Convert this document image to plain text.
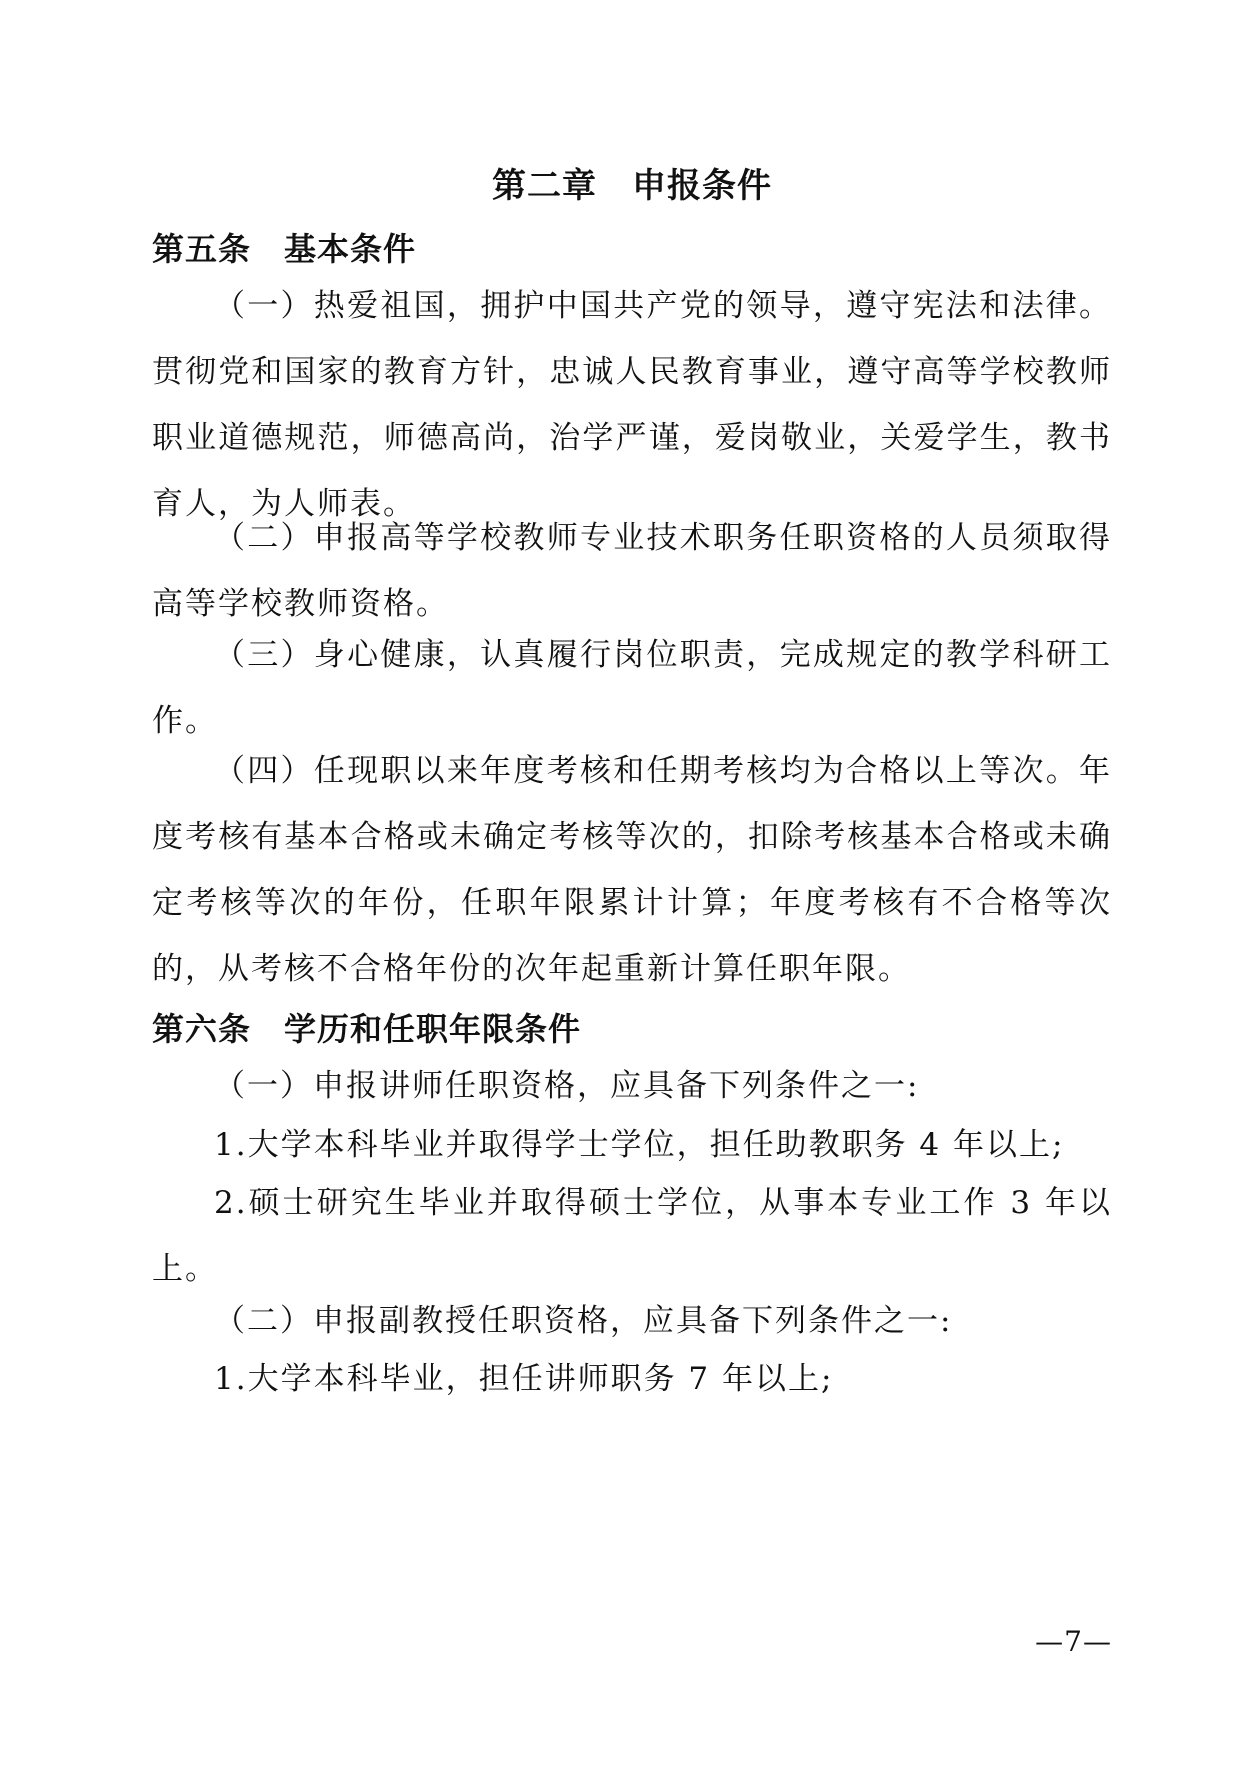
第二章　申报条件
第五条　基本条件

（一）热爱祖国，拥护中国共产党的领导，遵守宪法和法律。贯彻党和国家的教育方针，忠诚人民教育事业，遵守高等学校教师职业道德规范，师德高尚，治学严谨，爱岗敬业，关爱学生，教书育人，为人师表。

（二）申报高等学校教师专业技术职务任职资格的人员须取得高等学校教师资格。

（三）身心健康，认真履行岗位职责，完成规定的教学科研工作。

（四）任现职以来年度考核和任期考核均为合格以上等次。年度考核有基本合格或未确定考核等次的，扣除考核基本合格或未确定考核等次的年份，任职年限累计计算；年度考核有不合格等次的，从考核不合格年份的次年起重新计算任职年限。

第六条　学历和任职年限条件

（一）申报讲师任职资格，应具备下列条件之一:

1.大学本科毕业并取得学士学位，担任助教职务 4 年以上;

2.硕士研究生毕业并取得硕士学位，从事本专业工作 3 年以上。

（二）申报副教授任职资格，应具备下列条件之一:

1.大学本科毕业，担任讲师职务 7 年以上;

—7—
